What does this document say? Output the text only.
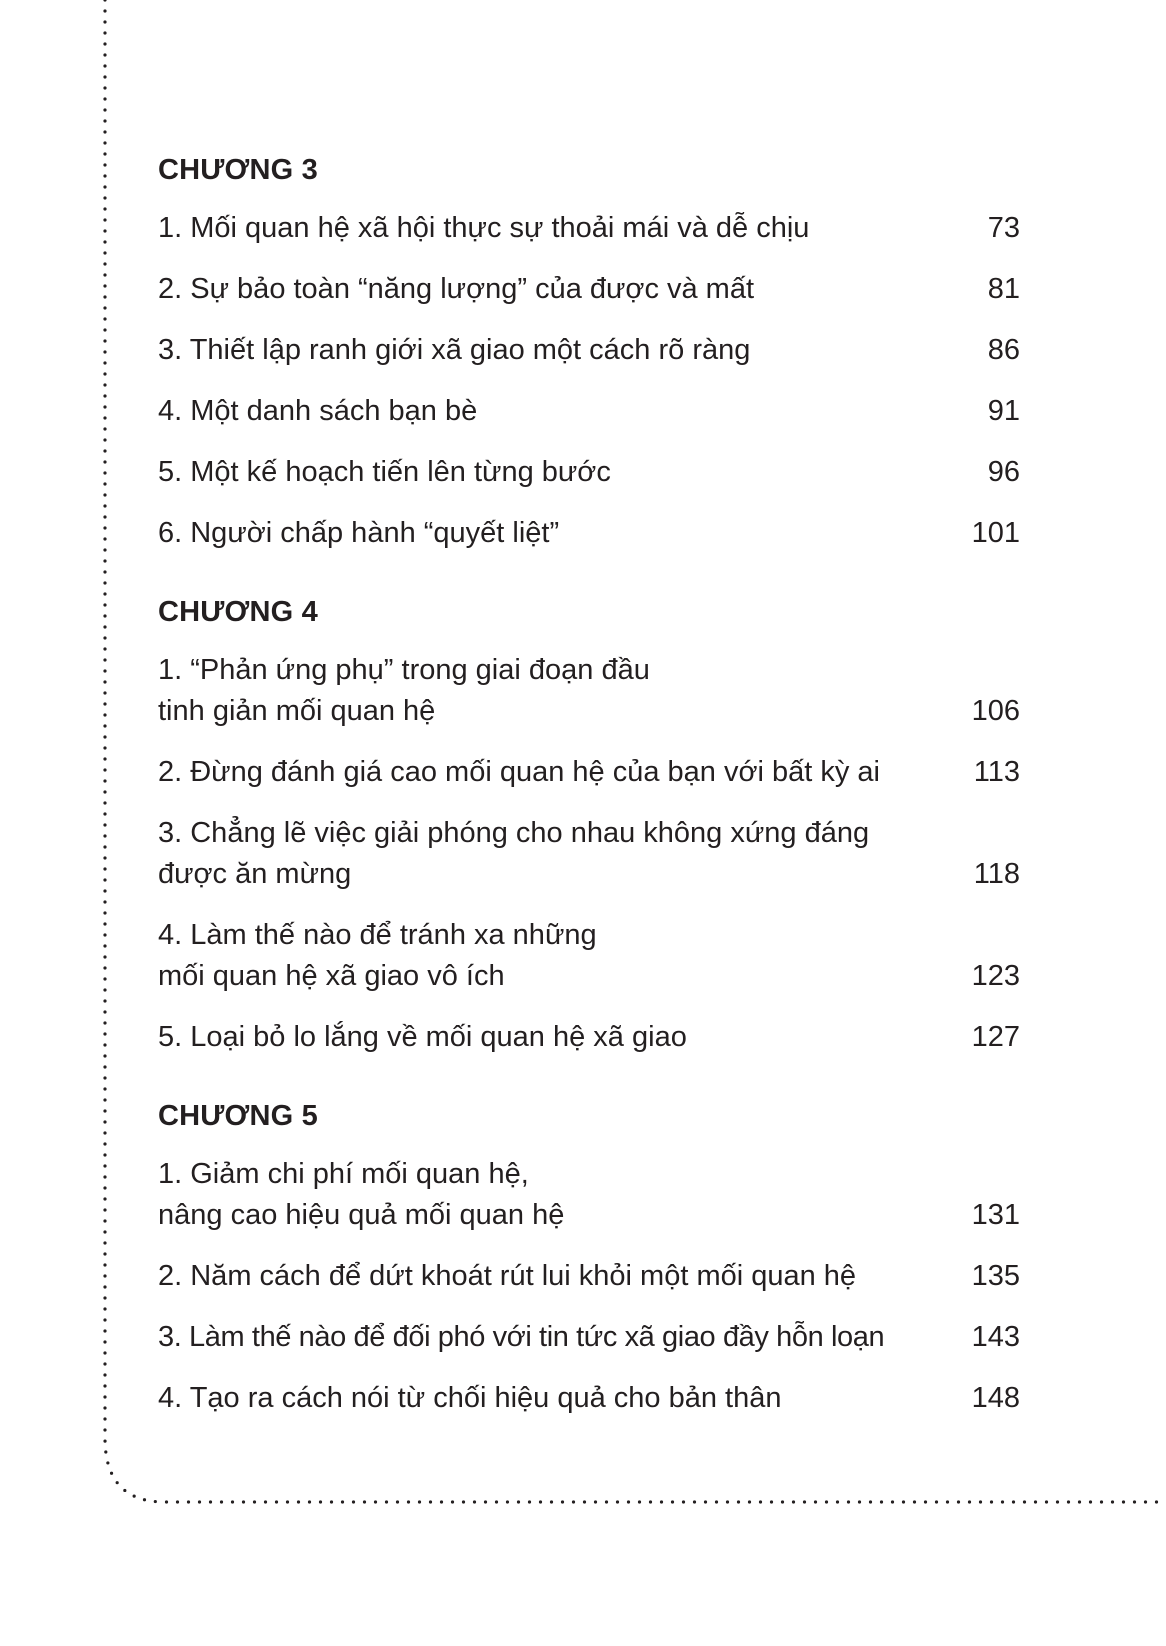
CHƯƠNG 3
1. Mối quan hệ xã hội thực sự thoải mái và dễ chịu	73
2. Sự bảo toàn “năng lượng” của được và mất	81
3. Thiết lập ranh giới xã giao một cách rõ ràng	86
4. Một danh sách bạn bè	91
5. Một kế hoạch tiến lên từng bước	96
6. Người chấp hành “quyết liệt”	101
CHƯƠNG 4
1. “Phản ứng phụ” trong giai đoạn đầu
tinh giản mối quan hệ	106
2. Đừng đánh giá cao mối quan hệ của bạn với bất kỳ ai	113
3. Chẳng lẽ việc giải phóng cho nhau không xứng đáng
được ăn mừng	118
4. Làm thế nào để tránh xa những
mối quan hệ xã giao vô ích	123
5. Loại bỏ lo lắng về mối quan hệ xã giao	127
CHƯƠNG 5
1. Giảm chi phí mối quan hệ,
nâng cao hiệu quả mối quan hệ	131
2. Năm cách để dứt khoát rút lui khỏi một mối quan hệ	135
3. Làm thế nào để đối phó với tin tức xã giao đầy hỗn loạn	143
4. Tạo ra cách nói từ chối hiệu quả cho bản thân	148
